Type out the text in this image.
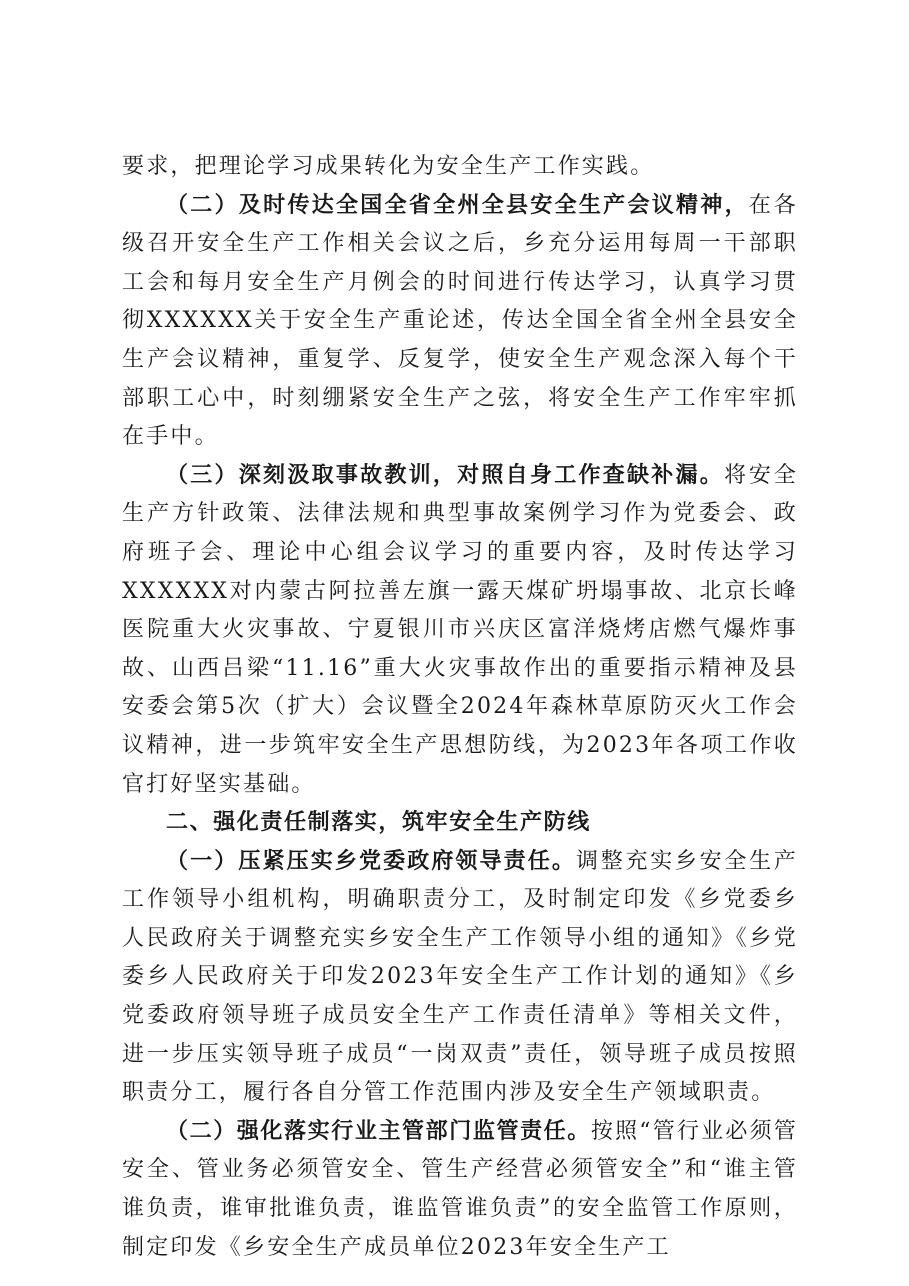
要求，把理论学习成果转化为安全生产工作实践。

（二）及时传达全国全省全州全县安全生产会议精神，在各级召开安全生产工作相关会议之后，乡充分运用每周一干部职工会和每月安全生产月例会的时间进行传达学习，认真学习贯彻XXXXXX关于安全生产重论述，传达全国全省全州全县安全生产会议精神，重复学、反复学，使安全生产观念深入每个干部职工心中，时刻绷紧安全生产之弦，将安全生产工作牢牢抓在手中。

（三）深刻汲取事故教训，对照自身工作查缺补漏。将安全生产方针政策、法律法规和典型事故案例学习作为党委会、政府班子会、理论中心组会议学习的重要内容，及时传达学习XXXXXX对内蒙古阿拉善左旗一露天煤矿坍塌事故、北京长峰医院重大火灾事故、宁夏银川市兴庆区富洋烧烤店燃气爆炸事故、山西吕梁“11.16”重大火灾事故作出的重要指示精神及县安委会第5次（扩大）会议暨全2024年森林草原防灭火工作会议精神，进一步筑牢安全生产思想防线，为2023年各项工作收官打好坚实基础。

二、强化责任制落实，筑牢安全生产防线

（一）压紧压实乡党委政府领导责任。调整充实乡安全生产工作领导小组机构，明确职责分工，及时制定印发《乡党委乡人民政府关于调整充实乡安全生产工作领导小组的通知》《乡党委乡人民政府关于印发2023年安全生产工作计划的通知》《乡党委政府领导班子成员安全生产工作责任清单》等相关文件，进一步压实领导班子成员“一岗双责”责任，领导班子成员按照职责分工，履行各自分管工作范围内涉及安全生产领域职责。

（二）强化落实行业主管部门监管责任。按照“管行业必须管安全、管业务必须管安全、管生产经营必须管安全”和“谁主管谁负责，谁审批谁负责，谁监管谁负责”的安全监管工作原则，制定印发《乡安全生产成员单位2023年安全生产工
